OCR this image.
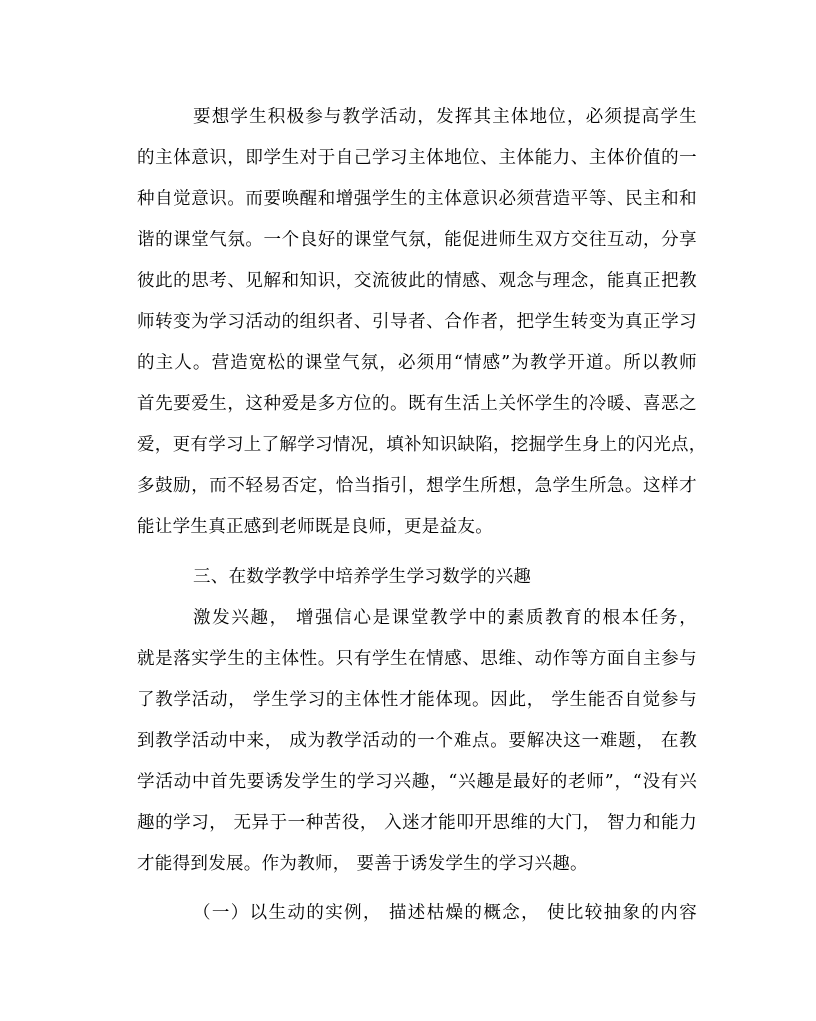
要想学生积极参与教学活动，发挥其主体地位，必须提高学生
的主体意识，即学生对于自己学习主体地位、主体能力、主体价值的一
种自觉意识。而要唤醒和增强学生的主体意识必须营造平等、民主和和
谐的课堂气氛。一个良好的课堂气氛，能促进师生双方交往互动，分享
彼此的思考、见解和知识，交流彼此的情感、观念与理念，能真正把教
师转变为学习活动的组织者、引导者、合作者，把学生转变为真正学习
的主人。营造宽松的课堂气氛，必须用“情感”为教学开道。所以教师
首先要爱生，这种爱是多方位的。既有生活上关怀学生的冷暖、喜恶之
爱，更有学习上了解学习情况，填补知识缺陷，挖掘学生身上的闪光点，
多鼓励，而不轻易否定，恰当指引，想学生所想，急学生所急。这样才
能让学生真正感到老师既是良师，更是益友。
三、在数学教学中培养学生学习数学的兴趣
激发兴趣， 增强信心是课堂教学中的素质教育的根本任务，
就是落实学生的主体性。只有学生在情感、思维、动作等方面自主参与
了教学活动， 学生学习的主体性才能体现。因此， 学生能否自觉参与
到教学活动中来， 成为教学活动的一个难点。要解决这一难题， 在教
学活动中首先要诱发学生的学习兴趣，“兴趣是最好的老师”，“没有兴
趣的学习， 无异于一种苦役， 入迷才能叩开思维的大门， 智力和能力
才能得到发展。作为教师， 要善于诱发学生的学习兴趣。
（一）以生动的实例， 描述枯燥的概念， 使比较抽象的内容
